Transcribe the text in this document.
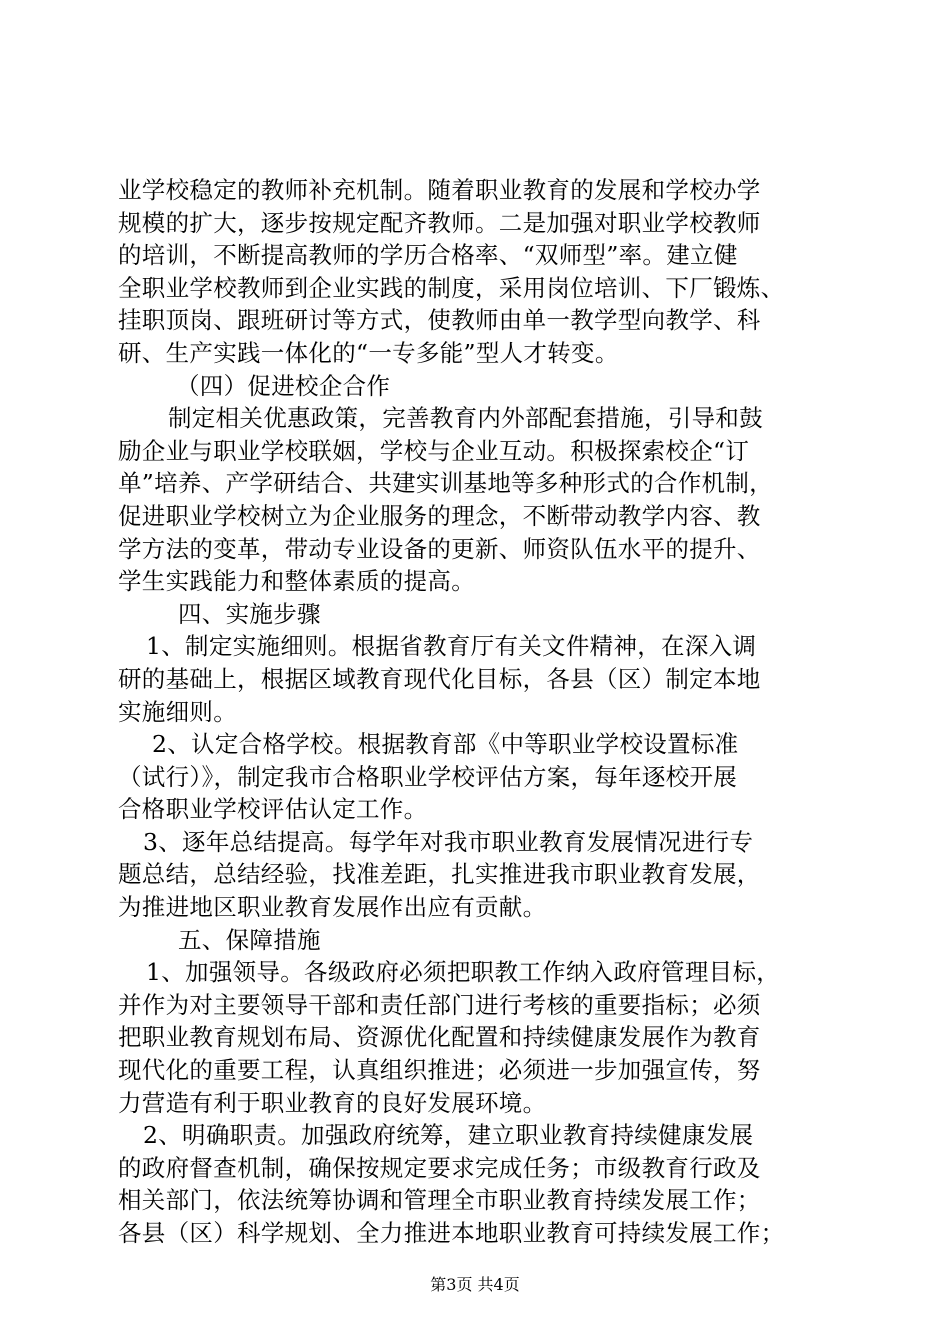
业学校稳定的教师补充机制。随着职业教育的发展和学校办学
规模的扩大，逐步按规定配齐教师。二是加强对职业学校教师
的培训，不断提高教师的学历合格率、“双师型”率。建立健
全职业学校教师到企业实践的制度，采用岗位培训、下厂锻炼、
挂职顶岗、跟班研讨等方式，使教师由单一教学型向教学、科
研、生产实践一体化的“一专多能”型人才转变。
（四）促进校企合作
制定相关优惠政策，完善教育内外部配套措施，引导和鼓
励企业与职业学校联姻，学校与企业互动。积极探索校企“订
单”培养、产学研结合、共建实训基地等多种形式的合作机制，
促进职业学校树立为企业服务的理念，不断带动教学内容、教
学方法的变革，带动专业设备的更新、师资队伍水平的提升、
学生实践能力和整体素质的提高。
四、实施步骤
1、制定实施细则。根据省教育厅有关文件精神，在深入调
研的基础上，根据区域教育现代化目标，各县（区）制定本地
实施细则。
2、认定合格学校。根据教育部《中等职业学校设置标准
（试行）》，制定我市合格职业学校评估方案，每年逐校开展
合格职业学校评估认定工作。
3、逐年总结提高。每学年对我市职业教育发展情况进行专
题总结，总结经验，找准差距，扎实推进我市职业教育发展，
为推进地区职业教育发展作出应有贡献。
五、保障措施
1、加强领导。各级政府必须把职教工作纳入政府管理目标，
并作为对主要领导干部和责任部门进行考核的重要指标；必须
把职业教育规划布局、资源优化配置和持续健康发展作为教育
现代化的重要工程，认真组织推进；必须进一步加强宣传，努
力营造有利于职业教育的良好发展环境。
2、明确职责。加强政府统筹，建立职业教育持续健康发展
的政府督查机制，确保按规定要求完成任务；市级教育行政及
相关部门，依法统筹协调和管理全市职业教育持续发展工作；
各县（区）科学规划、全力推进本地职业教育可持续发展工作；
第3页 共4页
